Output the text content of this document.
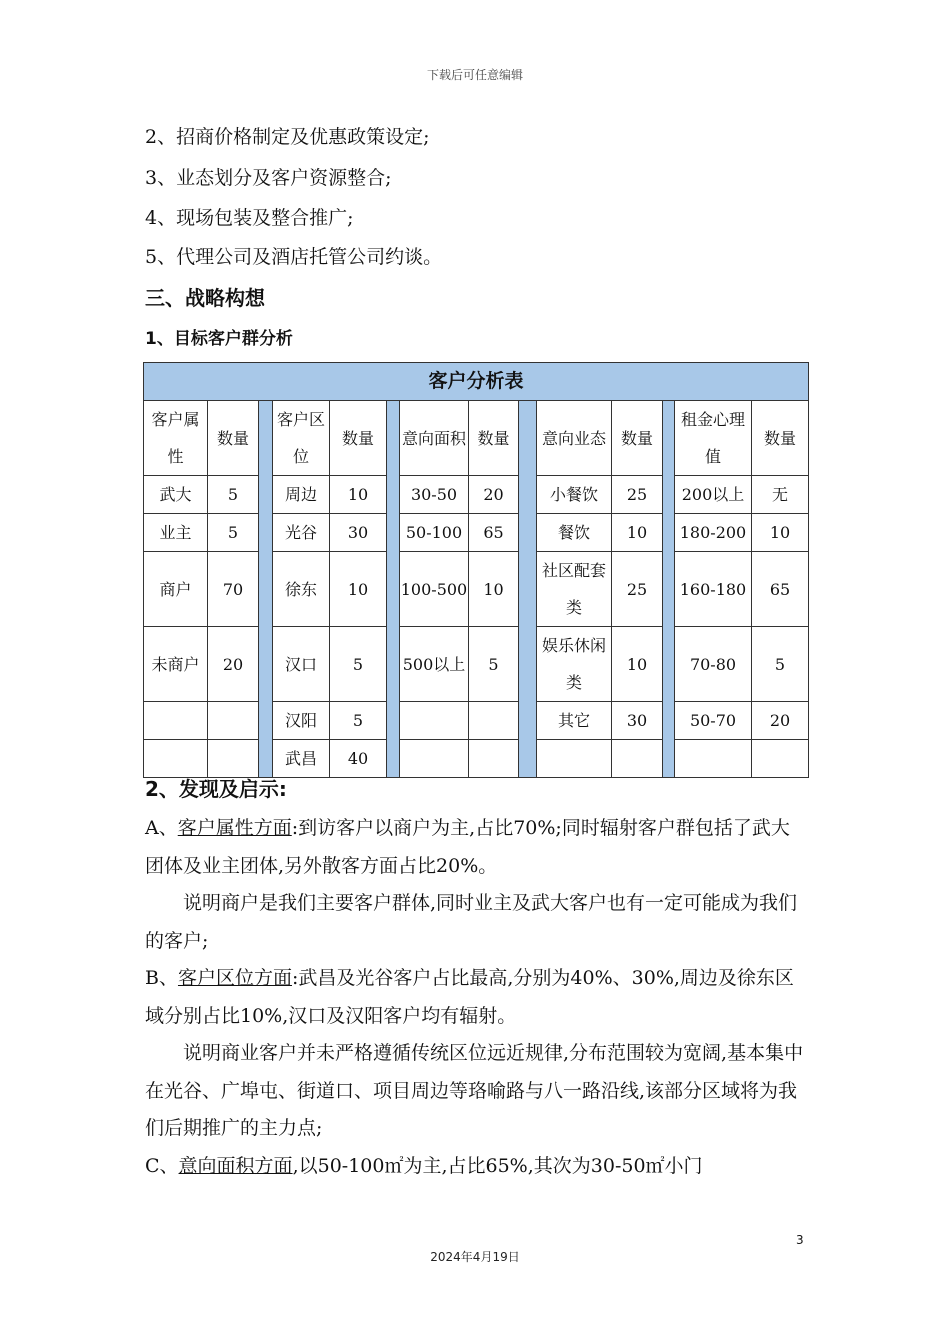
下载后可任意编辑
2、招商价格制定及优惠政策设定;
3、业态划分及客户资源整合;
4、现场包装及整合推广;
5、代理公司及酒店托管公司约谈。
三、战略构想
1、目标客户群分析
客户分析表													
客户属性	数量		客户区位	数量		意向面积	数量		意向业态	数量		租金心理值	数量
武大	5		周边	10		30-50	20		小餐饮	25		200以上	无
业主	5		光谷	30		50-100	65		餐饮	10		180-200	10
商户	70		徐东	10		100-500	10		社区配套类	25		160-180	65
未商户	20		汉口	5		500以上	5		娱乐休闲类	10		70-80	5
			汉阳	5					其它	30		50-70	20
			武昌	40									
2、发现及启示:

A、客户属性方面:到访客户以商户为主,占比70%;同时辐射客户群包括了武大团体及业主团体,另外散客方面占比20%。

说明商户是我们主要客户群体,同时业主及武大客户也有一定可能成为我们的客户;

B、客户区位方面:武昌及光谷客户占比最高,分别为40%、30%,周边及徐东区域分别占比10%,汉口及汉阳客户均有辐射。

说明商业客户并未严格遵循传统区位远近规律,分布范围较为宽阔,基本集中在光谷、广埠屯、街道口、项目周边等珞喻路与八一路沿线,该部分区域将为我们后期推广的主力点;

C、意向面积方面,以50-100㎡为主,占比65%,其次为30-50㎡小门

3
2024年4月19日
